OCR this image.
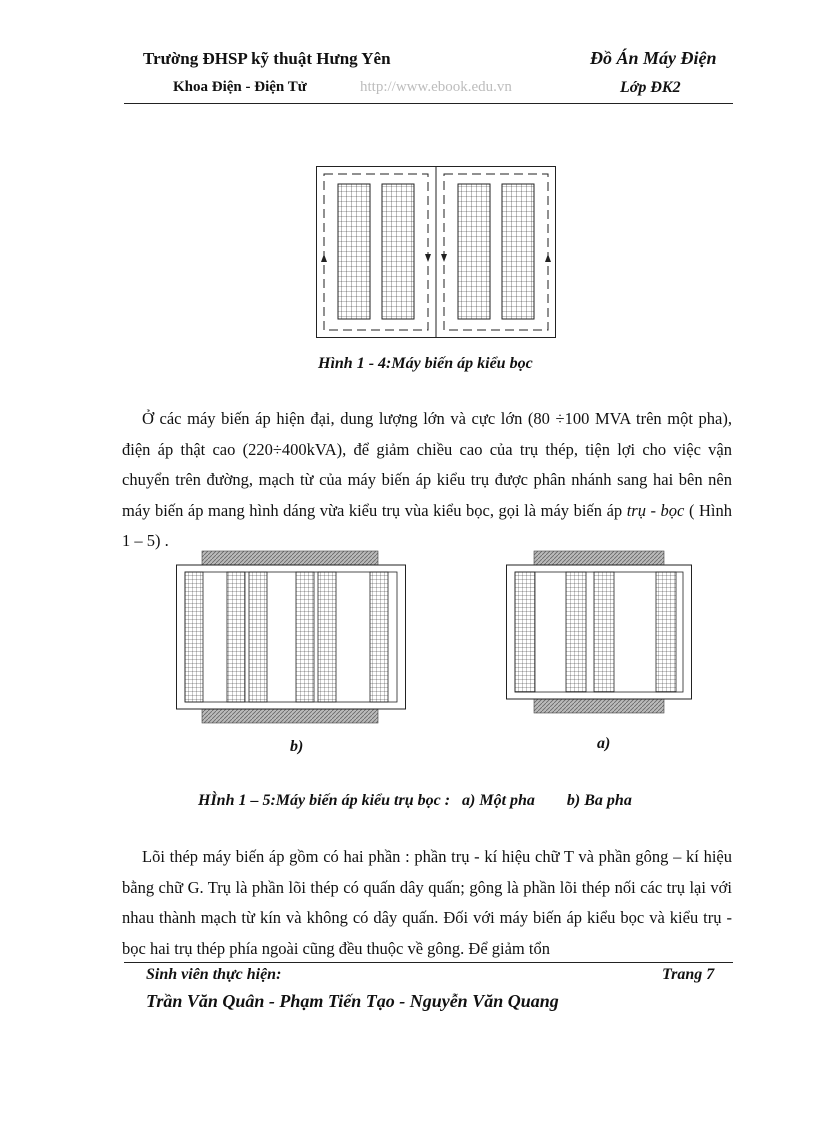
Trường ĐHSP kỹ thuật Hưng Yên
Khoa Điện - Điện Tử	http://www.ebook.edu.vn
Đồ Án Máy Điện
Lớp ĐK2
Hình 1 - 4:Máy biến áp kiểu bọc
Ở các máy biến áp hiện đại, dung lượng lớn và cực lớn (80 ÷100 MVA trên một pha), điện áp thật cao (220÷400kVA), để giảm chiều cao của trụ thép, tiện lợi cho việc vận chuyển trên đường, mạch từ của máy biến áp kiểu trụ được phân nhánh sang hai bên nên máy biến áp mang hình dáng vừa kiểu trụ vùa kiểu bọc, gọi là máy biến áp trụ - bọc ( Hình 1 – 5) .
b)	a)
HÌnh 1 – 5:Máy biến áp kiểu trụ bọc :   a) Một pha        b) Ba pha
Lõi thép máy biến áp gồm có hai phần : phần trụ - kí hiệu chữ T và phần gông – kí hiệu bằng chữ G. Trụ là phần lõi thép có quấn dây quấn; gông là phần lõi thép nối các trụ lại với nhau thành mạch từ kín và không có dây quấn. Đối với máy biến áp kiểu bọc và kiểu trụ - bọc hai trụ thép phía ngoài cũng đều thuộc về gông. Để giảm tổn
Sinh viên thực hiện:	Trang 7
Trần Văn Quân - Phạm Tiến Tạo - Nguyễn Văn Quang
